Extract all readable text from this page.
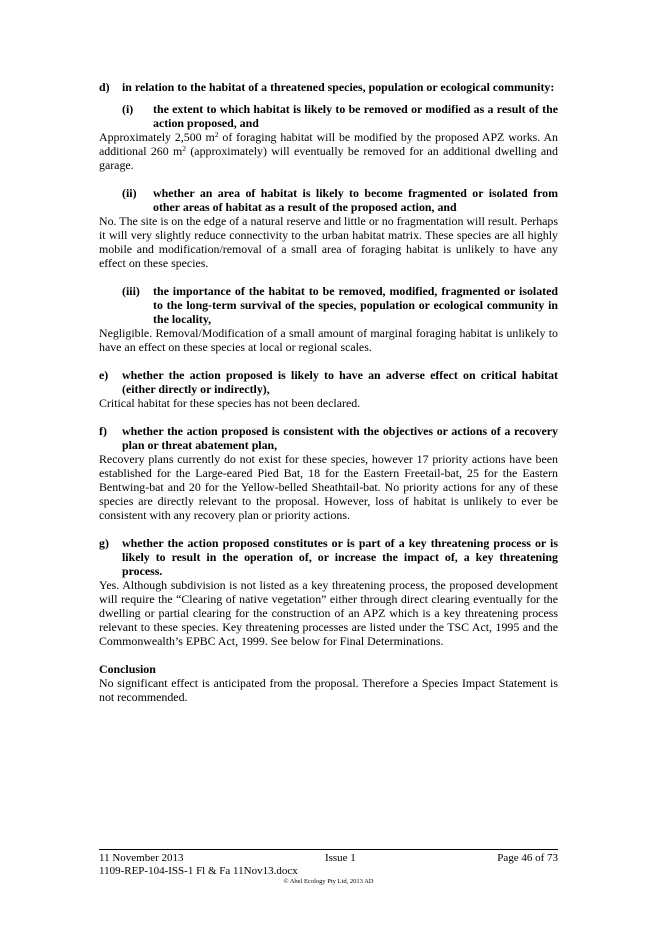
d)	in relation to the habitat of a threatened species, population or ecological community:
(i)	the extent to which habitat is likely to be removed or modified as a result of the action proposed, and
Approximately 2,500 $m^2$ of foraging habitat will be modified by the proposed APZ works. An additional 260 $m^2$ (approximately) will eventually be removed for an additional dwelling and garage.
(ii)	whether an area of habitat is likely to become fragmented or isolated from other areas of habitat as a result of the proposed action, and
No. The site is on the edge of a natural reserve and little or no fragmentation will result. Perhaps it will very slightly reduce connectivity to the urban habitat matrix. These species are all highly mobile and modification/removal of a small area of foraging habitat is unlikely to have any effect on these species.
(iii)	the importance of the habitat to be removed, modified, fragmented or isolated to the long-term survival of the species, population or ecological community in the locality,
Negligible. Removal/Modification of a small amount of marginal foraging habitat is unlikely to have an effect on these species at local or regional scales.
e)	whether the action proposed is likely to have an adverse effect on critical habitat (either directly or indirectly),
Critical habitat for these species has not been declared.
f)	whether the action proposed is consistent with the objectives or actions of a recovery plan or threat abatement plan,
Recovery plans currently do not exist for these species, however 17 priority actions have been established for the Large-eared Pied Bat, 18 for the Eastern Freetail-bat, 25 for the Eastern Bentwing-bat and 20 for the Yellow-belled Sheathtail-bat. No priority actions for any of these species are directly relevant to the proposal. However, loss of habitat is unlikely to ever be consistent with any recovery plan or priority actions.
g)	whether the action proposed constitutes or is part of a key threatening process or is likely to result in the operation of, or increase the impact of, a key threatening process.
Yes. Although subdivision is not listed as a key threatening process, the proposed development will require the “Clearing of native vegetation” either through direct clearing eventually for the dwelling or partial clearing for the construction of an APZ which is a key threatening process relevant to these species. Key threatening processes are listed under the TSC Act, 1995 and the Commonwealth’s EPBC Act, 1999. See below for Final Determinations.
Conclusion
No significant effect is anticipated from the proposal. Therefore a Species Impact Statement is not recommended.
11 November 2013	Issue 1	Page 46 of 73
1109-REP-104-ISS-1 Fl & Fa 11Nov13.docx
© Abel Ecology Pty Ltd, 2013 AD
